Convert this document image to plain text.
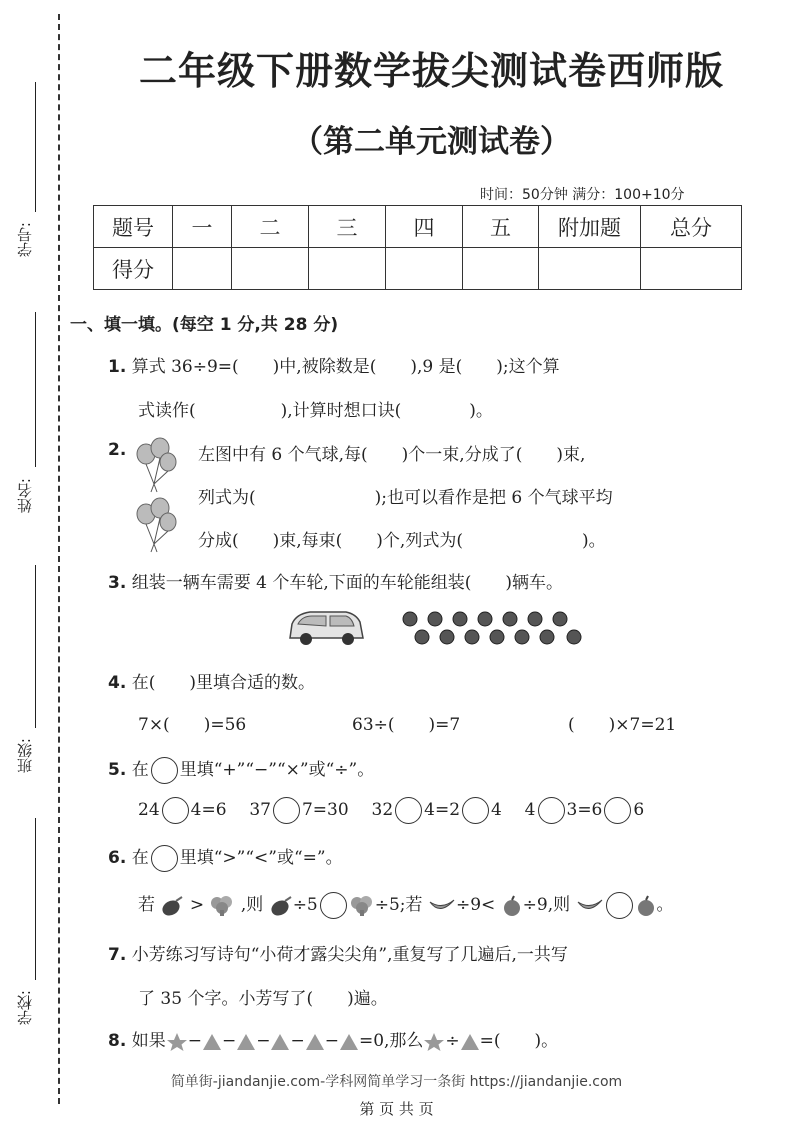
学号:
姓名:
班级:
学校:
二年级下册数学拔尖测试卷西师版
（第二单元测试卷）
时间：50分钟 满分：100+10分
题号	一	二	三	四	五	附加题	总分
得分							
一、填一填。(每空 1 分,共 28 分)
1. 算式 36÷9=(　　)中,被除数是(　　),9 是(　　);这个算
式读作(　　　　　),计算时想口诀(　　　　)。
2.	左图中有 6 个气球,每(　　)个一束,分成了(　　)束,
列式为(　　　　　　　);也可以看作是把 6 个气球平均
分成(　　)束,每束(　　)个,列式为(　　　　　　　)。
3. 组装一辆车需要 4 个车轮,下面的车轮能组装(　　)辆车。
4. 在(　　)里填合适的数。
7×(　　)=56	63÷(　　)=7	(　　)×7=21
5. 在 里填“+”“−”“×”或“÷”。
24 4=6 37 7=30 32 4=2 4 4 3=6 6
6. 在 里填“>”“<”或“=”。
若 > ,则 ÷5	÷5;若 ÷9< ÷9,则	。
7. 小芳练习写诗句“小荷才露尖尖角”,重复写了几遍后,一共写
了 35 个字。小芳写了(　　)遍。
8. 如果 − − − − − =0,那么 ÷ =(　　)。
简单街-jiandanjie.com-学科网简单学习一条街 https://jiandanjie.com
第 页 共 页
